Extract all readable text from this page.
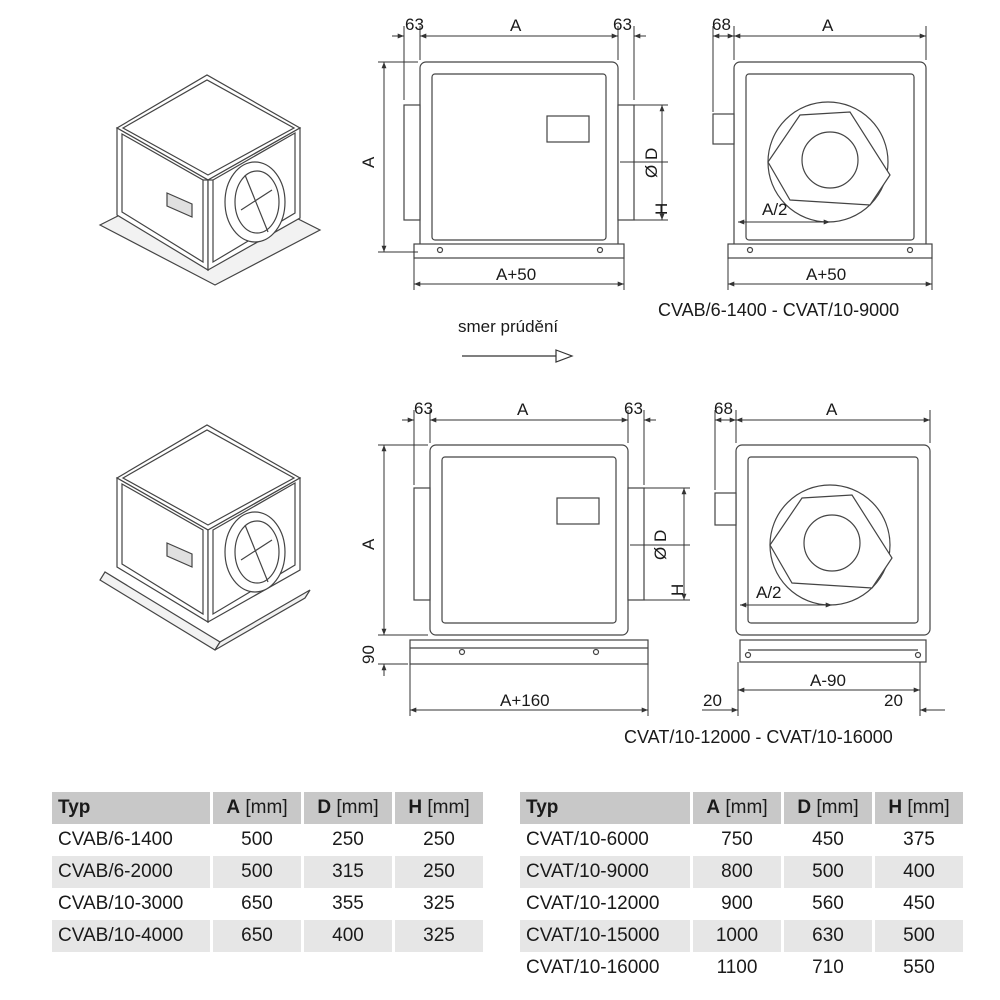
63	A	63
A	Ø D
H
A+50
68	A
A/2
A+50
CVAB/6-1400 - CVAT/10-9000
smer prúdění
63	A	63
A
90
Ø D
H
A+160
68	A
A/2
A-90
20	20
CVAT/10-12000 - CVAT/10-16000
Typ	A [mm]	D [mm]	H [mm]
CVAB/6-1400	500	250	250
CVAB/6-2000	500	315	250
CVAB/10-3000	650	355	325
CVAB/10-4000	650	400	325
Typ	A [mm]	D [mm]	H [mm]
CVAT/10-6000	750	450	375
CVAT/10-9000	800	500	400
CVAT/10-12000	900	560	450
CVAT/10-15000	1000	630	500
CVAT/10-16000	1100	710	550
